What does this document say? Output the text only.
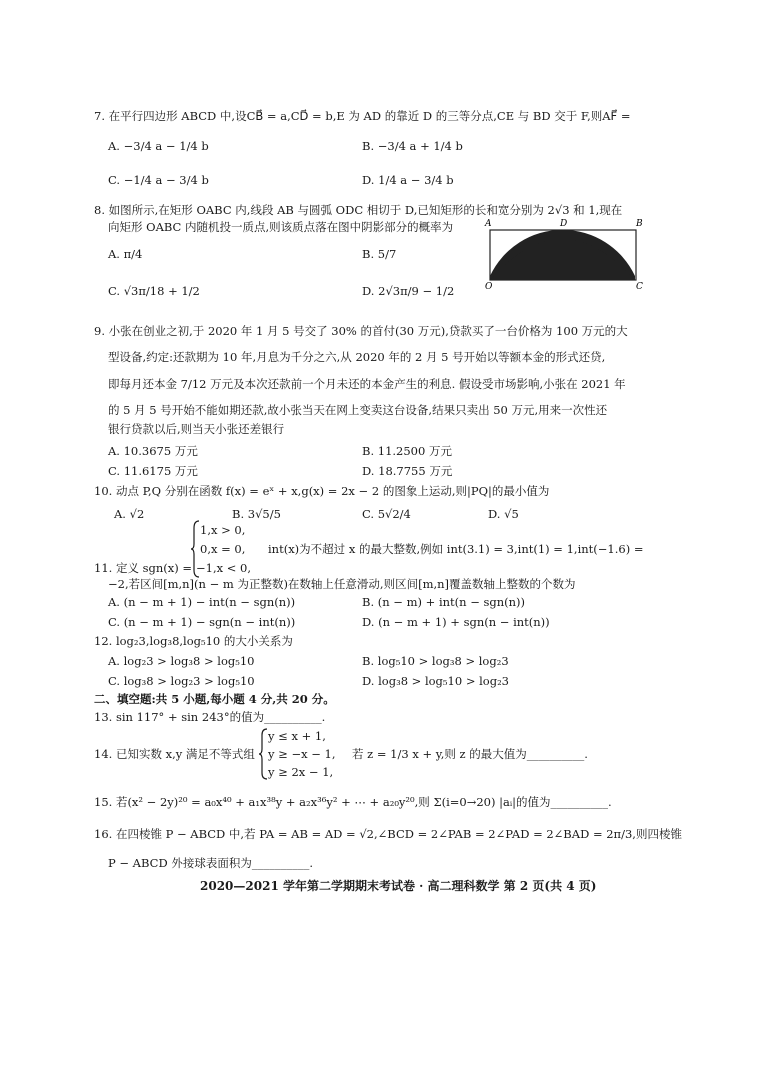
7. 在平行四边形 ABCD 中,设CB⃗ = a,CD⃗ = b,E 为 AD 的靠近 D 的三等分点,CE 与 BD 交于 F,则AF⃗ =
A. −3/4 a − 1/4 b	B. −3/4 a + 1/4 b
C. −1/4 a − 3/4 b	D. 1/4 a − 3/4 b
8. 如图所示,在矩形 OABC 内,线段 AB 与圆弧 ODC 相切于 D,已知矩形的长和宽分别为 2√3 和 1,现在
向矩形 OABC 内随机投一质点,则该质点落在图中阴影部分的概率为
A. π/4	B. 5/7
C. √3π/18 + 1/2	D. 2√3π/9 − 1/2
A	D	B
O	C
9. 小张在创业之初,于 2020 年 1 月 5 号交了 30% 的首付(30 万元),贷款买了一台价格为 100 万元的大
型设备,约定:还款期为 10 年,月息为千分之六,从 2020 年的 2 月 5 号开始以等额本金的形式还贷,
即每月还本金 7/12 万元及本次还款前一个月未还的本金产生的利息. 假设受市场影响,小张在 2021 年
的 5 月 5 号开始不能如期还款,故小张当天在网上变卖这台设备,结果只卖出 50 万元,用来一次性还
银行贷款以后,则当天小张还差银行
A. 10.3675 万元	B. 11.2500 万元
C. 11.6175 万元	D. 18.7755 万元
10. 动点 P,Q 分别在函数 f(x) = eˣ + x,g(x) = 2x − 2 的图象上运动,则|PQ|的最小值为
A. √2	B. 3√5/5	C. 5√2/4	D. √5
11. 定义 sgn(x) =
1,x > 0,
0,x = 0,
−1,x < 0,
int(x)为不超过 x 的最大整数,例如 int(3.1) = 3,int(1) = 1,int(−1.6) =
−2,若区间[m,n](n − m 为正整数)在数轴上任意滑动,则区间[m,n]覆盖数轴上整数的个数为
A. (n − m + 1) − int(n − sgn(n))	B. (n − m) + int(n − sgn(n))
C. (n − m + 1) − sgn(n − int(n))	D. (n − m + 1) + sgn(n − int(n))
12. log₂3,log₃8,log₅10 的大小关系为
A. log₂3 > log₃8 > log₅10	B. log₅10 > log₃8 > log₂3
C. log₃8 > log₂3 > log₅10	D. log₃8 > log₅10 > log₂3
二、填空题:共 5 小题,每小题 4 分,共 20 分。
13. sin 117° + sin 243°的值为__________.
14. 已知实数 x,y 满足不等式组
y ≤ x + 1,
y ≥ −x − 1,
y ≥ 2x − 1,
若 z = 1/3 x + y,则 z 的最大值为__________.
15. 若(x² − 2y)²⁰ = a₀x⁴⁰ + a₁x³⁸y + a₂x³⁶y² + ⋯ + a₂₀y²⁰,则 Σ(i=0→20) |aᵢ|的值为__________.
16. 在四棱锥 P − ABCD 中,若 PA = AB = AD = √2,∠BCD = 2∠PAB = 2∠PAD = 2∠BAD = 2π/3,则四棱锥
P − ABCD 外接球表面积为__________.
2020—2021 学年第二学期期末考试卷 · 高二理科数学 第 2 页(共 4 页)
